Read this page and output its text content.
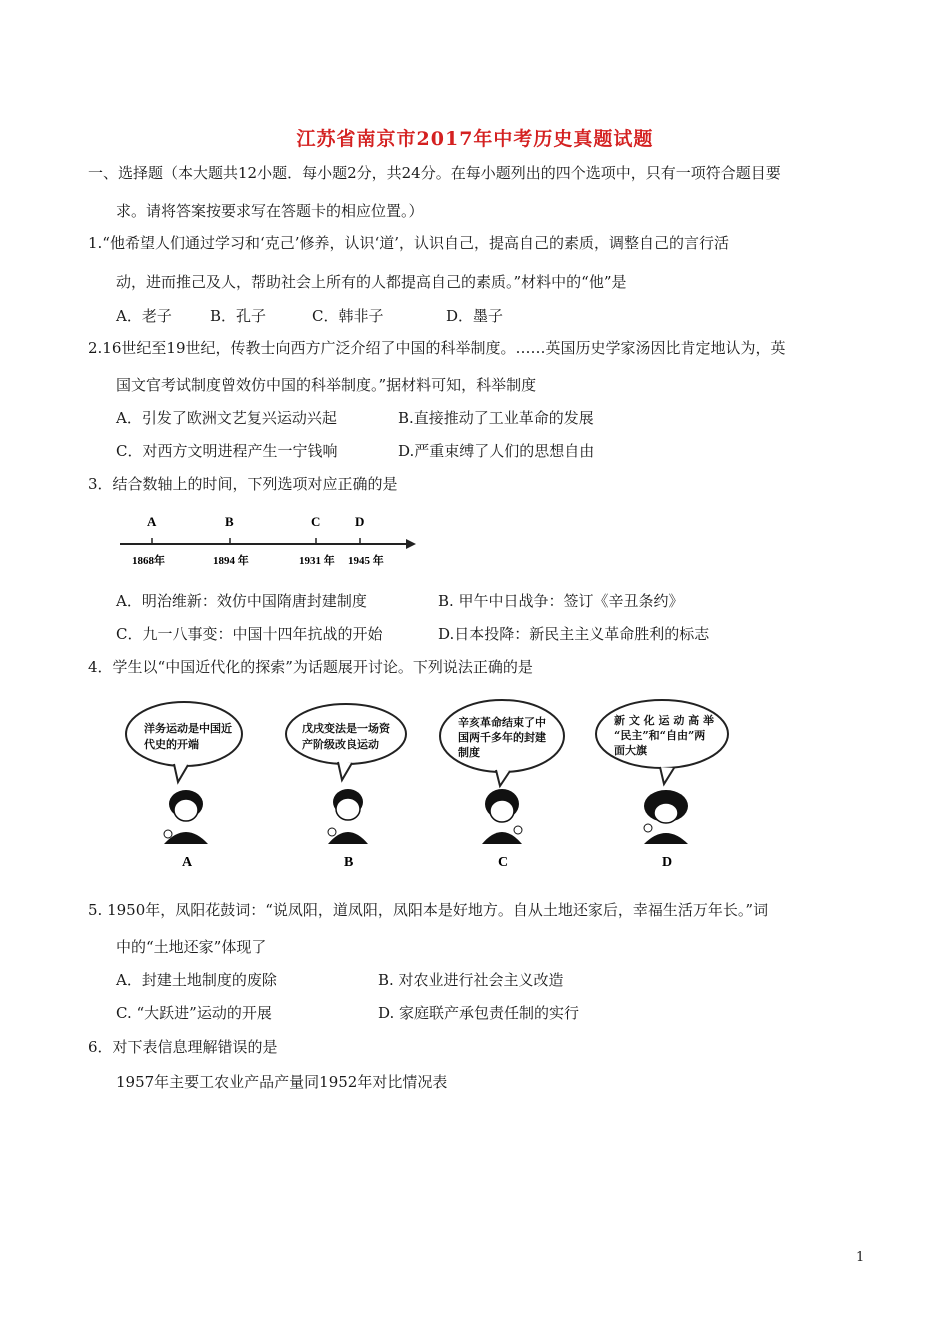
江苏省南京市2017年中考历史真题试题
一、选择题（本大题共12小题．每小题2分，共24分。在每小题列出的四个选项中，只有一项符合题目要
求。请将答案按要求写在答题卡的相应位置。）
1.“他希望人们通过学习和‘克己’修养，认识‘道’，认识自己，提高自己的素质，调整自己的言行活
动，进而推己及人，帮助社会上所有的人都提高自己的素质。”材料中的“他”是
A．老子	B．孔子	C．韩非子	D．墨子
2.16世纪至19世纪，传教士向西方广泛介绍了中国的科举制度。……英国历史学家汤因比肯定地认为，英
国文官考试制度曾效仿中国的科举制度。”据材料可知，科举制度
A．引发了欧洲文艺复兴运动兴起	B.直接推动了工业革命的发展
C．对西方文明进程产生一宁钱响	D.严重束缚了人们的思想自由
3．结合数轴上的时间，下列选项对应正确的是
A
1868年
B
1894 年
C
1931 年
D
1945 年
A．明治维新：效仿中国隋唐封建制度	B. 甲午中日战争：签订《辛丑条约》
C．九一八事变：中国十四年抗战的开始	D.日本投降：新民主主义革命胜利的标志
4．学生以“中国近代化的探索”为话题展开讨论。下列说法正确的是
洋务运动是中国近
代史的开端
A
戊戌变法是一场资
产阶级改良运动
B
辛亥革命结束了中
国两千多年的封建
制度
C
新 文 化 运 动 高 举
“民主”和“自由”两
面大旗
D
5. 1950年，凤阳花鼓词：“说凤阳，道凤阳，凤阳本是好地方。自从土地还家后，幸福生活万年长。”词
中的“土地还家”体现了
A．封建土地制度的废除	B. 对农业进行社会主义改造
C. “大跃进”运动的开展	D. 家庭联产承包责任制的实行
6．对下表信息理解错误的是
1957年主要工农业产品产量同1952年对比情况表
1
